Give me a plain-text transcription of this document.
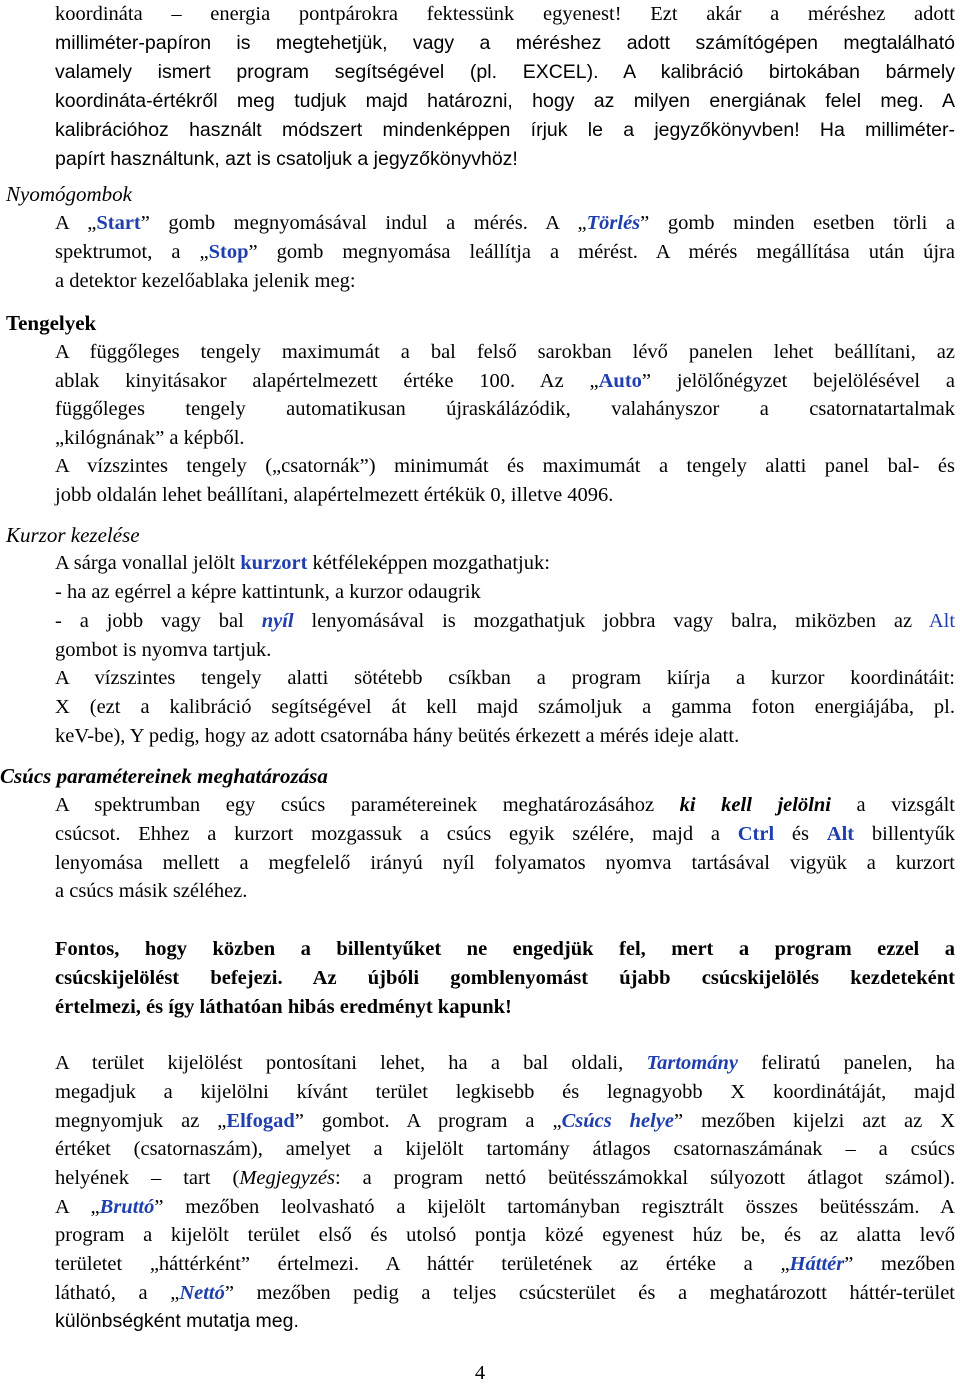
koordináta – energia pontpárokra fektessünk egyenest! Ezt akár a méréshez adott

milliméter-papíron is megtehetjük, vagy a méréshez adott számítógépen megtalálható

valamely ismert program segítségével (pl. EXCEL). A kalibráció birtokában bármely

koordináta-értékről meg tudjuk majd határozni, hogy az milyen energiának felel meg. A

kalibrációhoz használt módszert mindenképpen írjuk le a jegyzőkönyvben! Ha milliméter-

papírt használtunk, azt is csatoljuk a jegyzőkönyvhöz!

Nyomógombok

A „Start” gomb megnyomásával indul a mérés. A „Törlés” gomb minden esetben törli a

spektrumot, a „Stop” gomb megnyomása leállítja a mérést. A mérés megállítása után újra

a detektor kezelőablaka jelenik meg:

Tengelyek

A függőleges tengely maximumát a bal felső sarokban lévő panelen lehet beállítani, az

ablak kinyitásakor alapértelmezett értéke 100. Az „Auto” jelölőnégyzet bejelölésével a

függőleges tengely automatikusan újraskálázódik, valahányszor a csatornatartalmak

„kilógnának” a képből.

A vízszintes tengely („csatornák”) minimumát és maximumát a tengely alatti panel bal- és

jobb oldalán lehet beállítani, alapértelmezett értékük 0, illetve 4096.

Kurzor kezelése

A sárga vonallal jelölt kurzort kétféleképpen mozgathatjuk:

- ha az egérrel a képre kattintunk, a kurzor odaugrik

- a jobb vagy bal nyíl lenyomásával is mozgathatjuk jobbra vagy balra, miközben az Alt

gombot is nyomva tartjuk.

A vízszintes tengely alatti sötétebb csíkban a program kiírja a kurzor koordinátáit:

X (ezt a kalibráció segítségével át kell majd számoljuk a gamma foton energiájába, pl.

keV-be), Y pedig, hogy az adott csatornába hány beütés érkezett a mérés ideje alatt.

Csúcs paramétereinek meghatározása

A spektrumban egy csúcs paramétereinek meghatározásához ki kell jelölni a vizsgált

csúcsot. Ehhez a kurzort mozgassuk a csúcs egyik szélére, majd a Ctrl és Alt billentyűk

lenyomása mellett a megfelelő irányú nyíl folyamatos nyomva tartásával vigyük a kurzort

a csúcs másik széléhez.

Fontos, hogy közben a billentyűket ne engedjük fel, mert a program ezzel a

csúcskijelölést befejezi. Az újbóli gomblenyomást újabb csúcskijelölés kezdeteként

értelmezi, és így láthatóan hibás eredményt kapunk!

A terület kijelölést pontosítani lehet, ha a bal oldali, Tartomány feliratú panelen, ha

megadjuk a kijelölni kívánt terület legkisebb és legnagyobb X koordinátáját, majd

megnyomjuk az „Elfogad” gombot. A program a „Csúcs helye” mezőben kijelzi azt az X

értéket (csatornaszám), amelyet a kijelölt tartomány átlagos csatornaszámának – a csúcs

helyének – tart (Megjegyzés: a program nettó beütésszámokkal súlyozott átlagot számol).

A „Bruttó” mezőben leolvasható a kijelölt tartományban regisztrált összes beütésszám. A

program a kijelölt terület első és utolsó pontja közé egyenest húz be, és az alatta levő

területet „háttérként” értelmezi. A háttér területének az értéke a „Háttér” mezőben

látható, a „Nettó” mezőben pedig a teljes csúcsterület és a meghatározott háttér-terület

különbségként mutatja meg.

4
